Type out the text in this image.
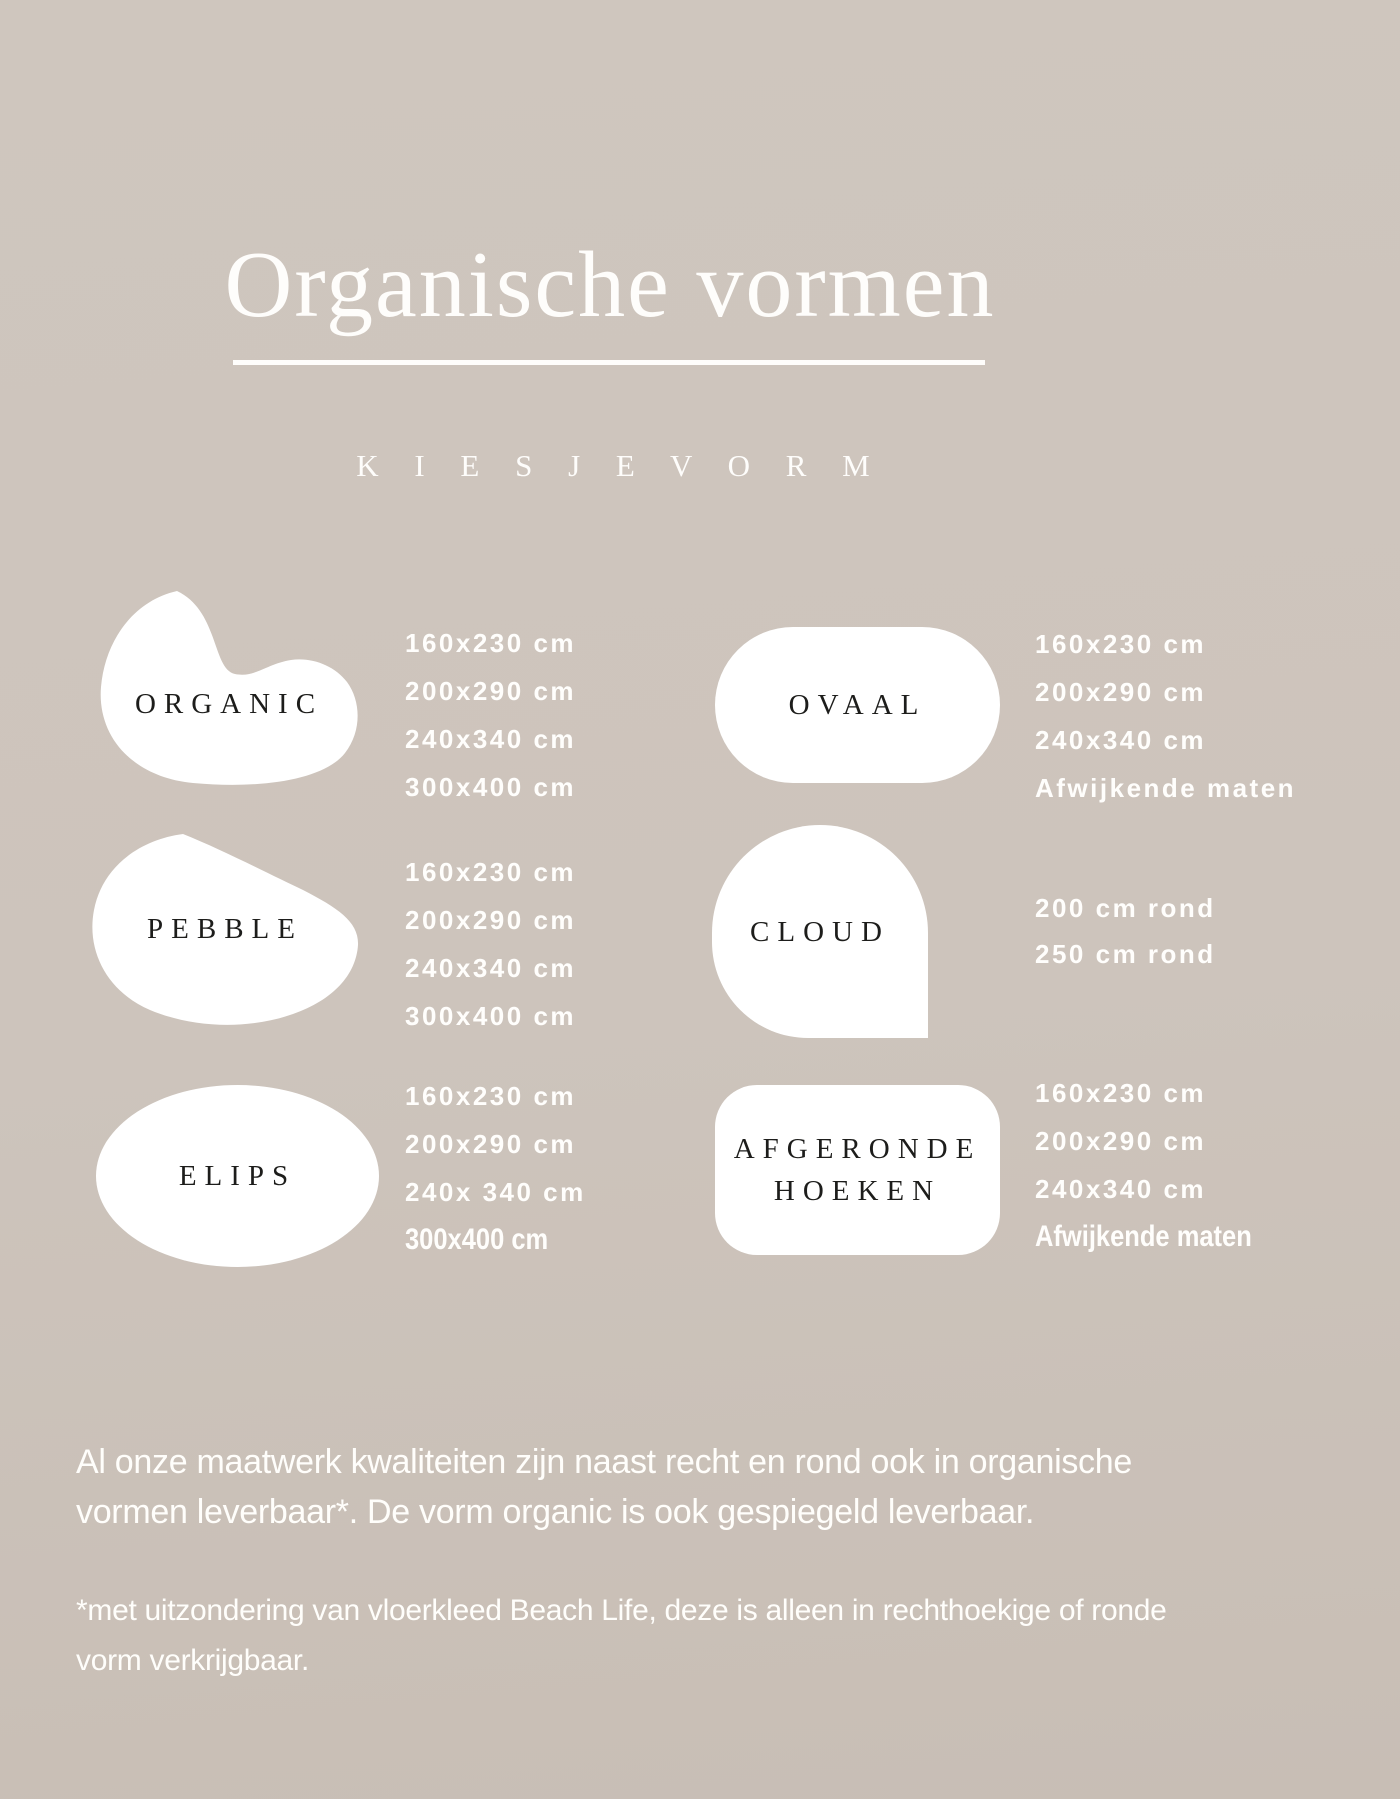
Organische vormen
K I E S J E V O R M
ORGANIC
160x230 cm
200x290 cm
240x340 cm
300x400 cm
OVAAL
160x230 cm
200x290 cm
240x340 cm
Afwijkende maten
PEBBLE
160x230 cm
200x290 cm
240x340 cm
300x400 cm
CLOUD
200 cm rond
250 cm rond
ELIPS
160x230 cm
200x290 cm
240x 340 cm
300x400 cm
AFGERONDE
HOEKEN
160x230 cm
200x290 cm
240x340 cm
Afwijkende maten

Al onze maatwerk kwaliteiten zijn naast recht en rond ook in organische
vormen leverbaar*. De vorm organic is ook gespiegeld leverbaar.

*met uitzondering van vloerkleed Beach Life, deze is alleen in rechthoekige of ronde
vorm verkrijgbaar.
